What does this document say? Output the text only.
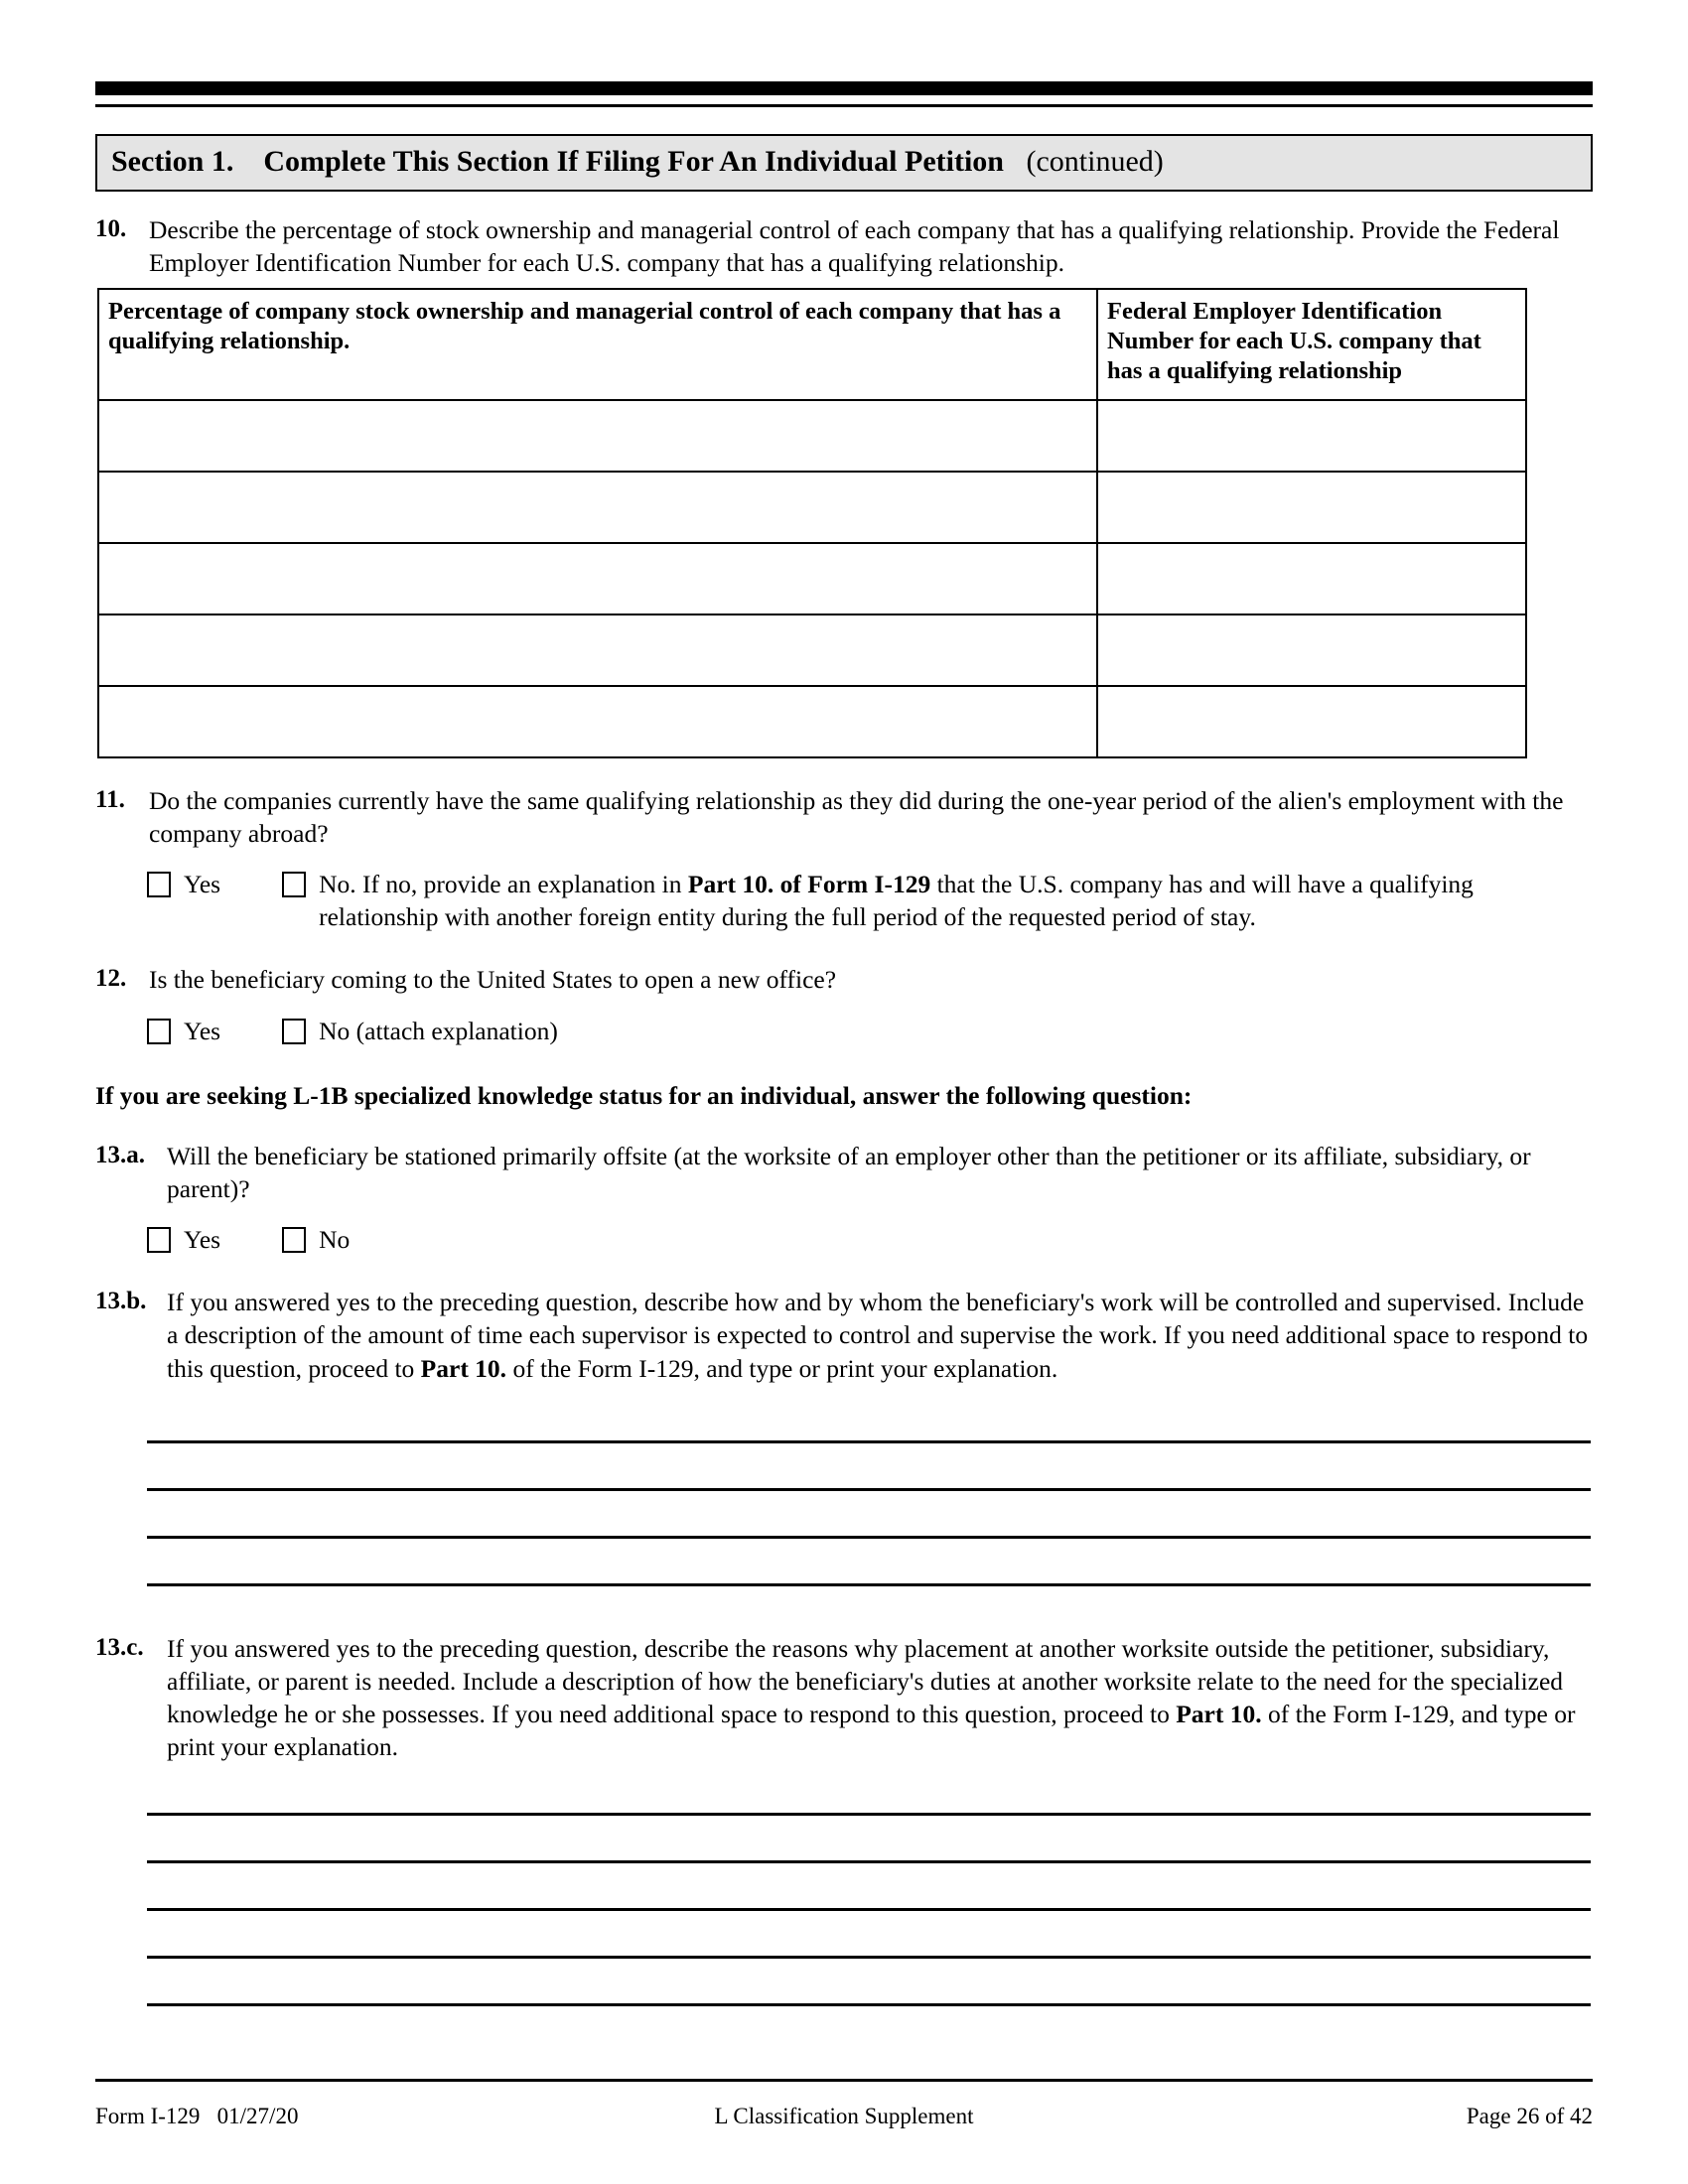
Section 1. Complete This Section If Filing For An Individual Petition (continued)
10. Describe the percentage of stock ownership and managerial control of each company that has a qualifying relationship. Provide the Federal Employer Identification Number for each U.S. company that has a qualifying relationship.
Percentage of company stock ownership and managerial control of each company that has a qualifying relationship.	Federal Employer Identification Number for each U.S. company that has a qualifying relationship

11. Do the companies currently have the same qualifying relationship as they did during the one-year period of the alien's employment with the company abroad?
Yes	No. If no, provide an explanation in Part 10. of Form I-129 that the U.S. company has and will have a qualifying relationship with another foreign entity during the full period of the requested period of stay.
12. Is the beneficiary coming to the United States to open a new office?
Yes	No (attach explanation)
If you are seeking L-1B specialized knowledge status for an individual, answer the following question:
13.a. Will the beneficiary be stationed primarily offsite (at the worksite of an employer other than the petitioner or its affiliate, subsidiary, or parent)?
Yes	No
13.b. If you answered yes to the preceding question, describe how and by whom the beneficiary's work will be controlled and supervised. Include a description of the amount of time each supervisor is expected to control and supervise the work. If you need additional space to respond to this question, proceed to Part 10. of the Form I-129, and type or print your explanation.
13.c. If you answered yes to the preceding question, describe the reasons why placement at another worksite outside the petitioner, subsidiary, affiliate, or parent is needed. Include a description of how the beneficiary's duties at another worksite relate to the need for the specialized knowledge he or she possesses. If you need additional space to respond to this question, proceed to Part 10. of the Form I-129, and type or print your explanation.
Form I-129   01/27/20	L Classification Supplement	Page 26 of 42
